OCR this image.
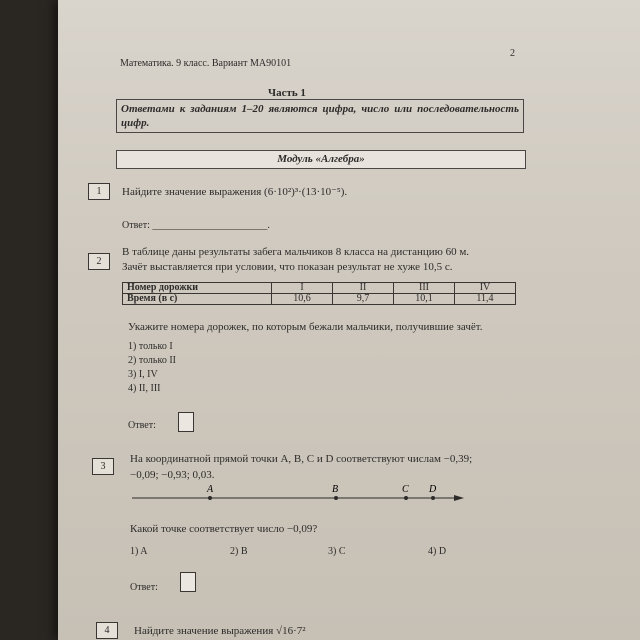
Математика. 9 класс. Вариант МА90101
2
Часть 1
Ответами к заданиям 1–20 являются цифра, число или последовательность цифр.
Модуль «Алгебра»
1	Найдите значение выражения (6·10²)³·(13·10⁻⁵).
Ответ: _______________________.
2
В таблице даны результаты забега мальчиков 8 класса на дистанцию 60 м.
Зачёт выставляется при условии, что показан результат не хуже 10,5 с.
Номер дорожки	I	II	III	IV
Время (в с)	10,6	9,7	10,1	11,4
Укажите номера дорожек, по которым бежали мальчики, получившие зачёт.
1) только I
2) только II
3) I, IV
4) II, III
Ответ:
3
На координатной прямой точки A, B, C и D соответствуют числам −0,39;
−0,09; −0,93; 0,03.
A	B	C D
Какой точке соответствует число −0,09?
1) A	2) B	3) C	4) D
Ответ:
4	Найдите значение выражения √16·7²
